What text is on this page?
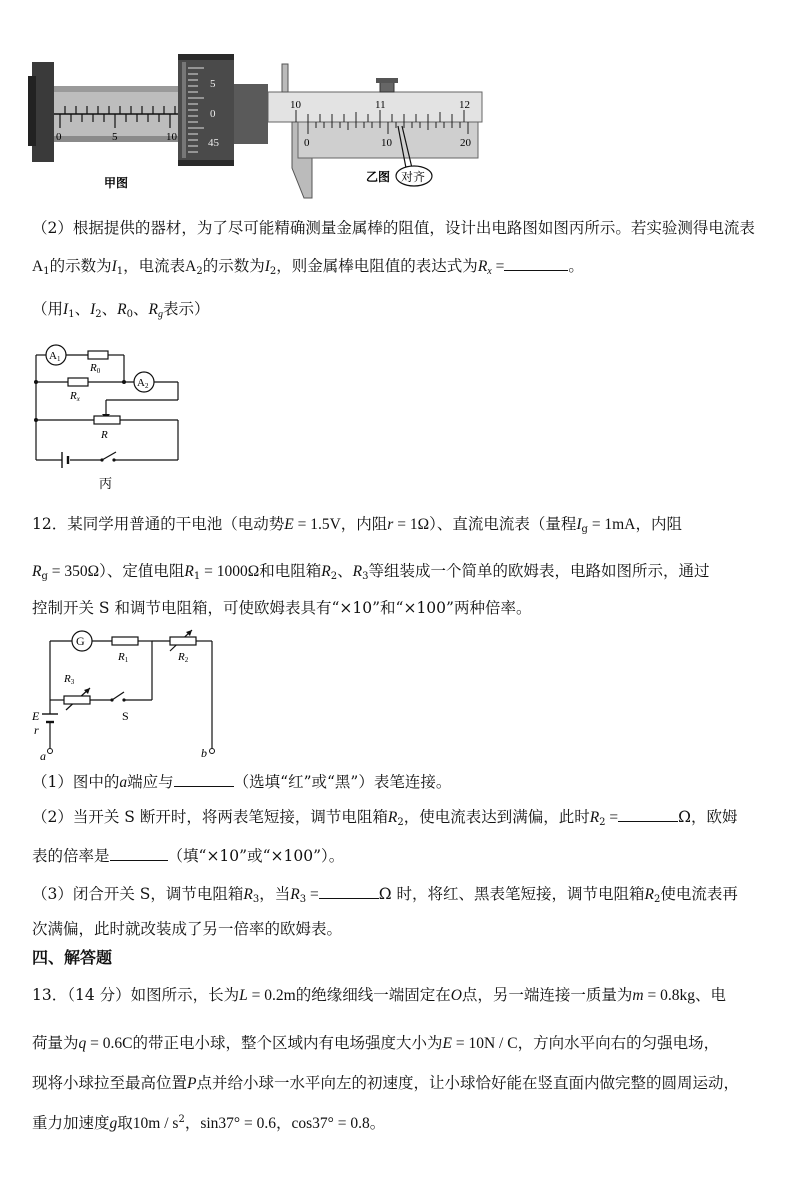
0	5	10
5
0
45
甲图
10	11	12
0	10	20
对齐
乙图
（2）根据提供的器材，为了尽可能精确测量金属棒的阻值，设计出电路图如图丙所示。若实验测得电流表
$A_1$的示数为$I_1$，电流表$A_2$的示数为$I_2$，则金属棒电阻值的表达式为$R_x$ =	。
（用$I_1$、$I_2$、$R_0$、$R_g$表示）
A1
A2
R0
Rx
R
丙
12．某同学用普通的干电池（电动势E = 1.5V，内阻r = 1Ω）、直流电流表（量程$I_g = 1mA$，内阻
$R_g = 350\Omega$）、定值电阻$R_1 = 1000\Omega$和电阻箱$R_2$、$R_3$等组装成一个简单的欧姆表，电路如图所示，通过
控制开关 S 和调节电阻箱，可使欧姆表具有“×10”和“×100”两种倍率。
G
R1	R2
R3
S
E
r
a	b
（1）图中的a端应与	（选填“红”或“黑”）表笔连接。
（2）当开关 S 断开时，将两表笔短接，调节电阻箱$R_2$，使电流表达到满偏，此时$R_2$ =	Ω，欧姆
表的倍率是	（填“×10”或“×100”）。
（3）闭合开关 S，调节电阻箱$R_3$，当$R_3$ =	Ω 时，将红、黑表笔短接，调节电阻箱$R_2$使电流表再
次满偏，此时就改装成了另一倍率的欧姆表。
四、解答题
13．（14 分）如图所示，长为L = 0.2m的绝缘细线一端固定在O点，另一端连接一质量为m = 0.8kg、电
荷量为q = 0.6C的带正电小球，整个区域内有电场强度大小为E = 10N / C，方向水平向右的匀强电场，
现将小球拉至最高位置P点并给小球一水平向左的初速度，让小球恰好能在竖直面内做完整的圆周运动，
重力加速度g取$10m / s^2$，sin37° = 0.6，cos37° = 0.8。
